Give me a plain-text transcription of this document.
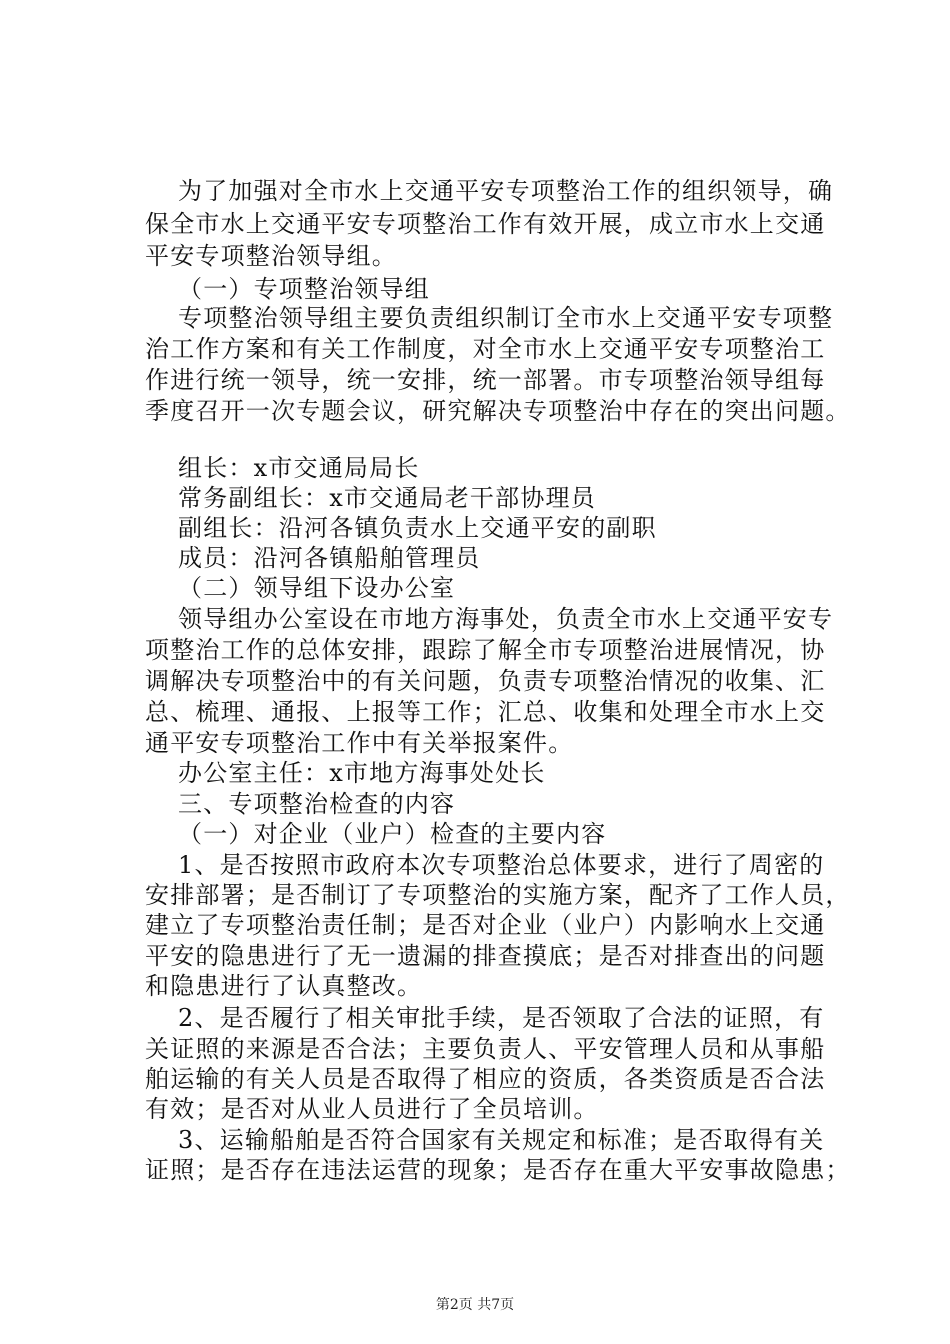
为了加强对全市水上交通平安专项整治工作的组织领导，确
保全市水上交通平安专项整治工作有效开展，成立市水上交通
平安专项整治领导组。
（一）专项整治领导组
专项整治领导组主要负责组织制订全市水上交通平安专项整
治工作方案和有关工作制度，对全市水上交通平安专项整治工
作进行统一领导，统一安排，统一部署。市专项整治领导组每
季度召开一次专题会议，研究解决专项整治中存在的突出问题。
组长：x市交通局局长
常务副组长：x市交通局老干部协理员
副组长：沿河各镇负责水上交通平安的副职
成员：沿河各镇船舶管理员
（二）领导组下设办公室
领导组办公室设在市地方海事处，负责全市水上交通平安专
项整治工作的总体安排，跟踪了解全市专项整治进展情况，协
调解决专项整治中的有关问题，负责专项整治情况的收集、汇
总、梳理、通报、上报等工作；汇总、收集和处理全市水上交
通平安专项整治工作中有关举报案件。
办公室主任：x市地方海事处处长
三、专项整治检查的内容
（一）对企业（业户）检查的主要内容
1、是否按照市政府本次专项整治总体要求，进行了周密的
安排部署；是否制订了专项整治的实施方案，配齐了工作人员，
建立了专项整治责任制；是否对企业（业户）内影响水上交通
平安的隐患进行了无一遗漏的排查摸底；是否对排查出的问题
和隐患进行了认真整改。
2、是否履行了相关审批手续，是否领取了合法的证照，有
关证照的来源是否合法；主要负责人、平安管理人员和从事船
舶运输的有关人员是否取得了相应的资质，各类资质是否合法
有效；是否对从业人员进行了全员培训。
3、运输船舶是否符合国家有关规定和标准；是否取得有关
证照；是否存在违法运营的现象；是否存在重大平安事故隐患；
第2页 共7页
